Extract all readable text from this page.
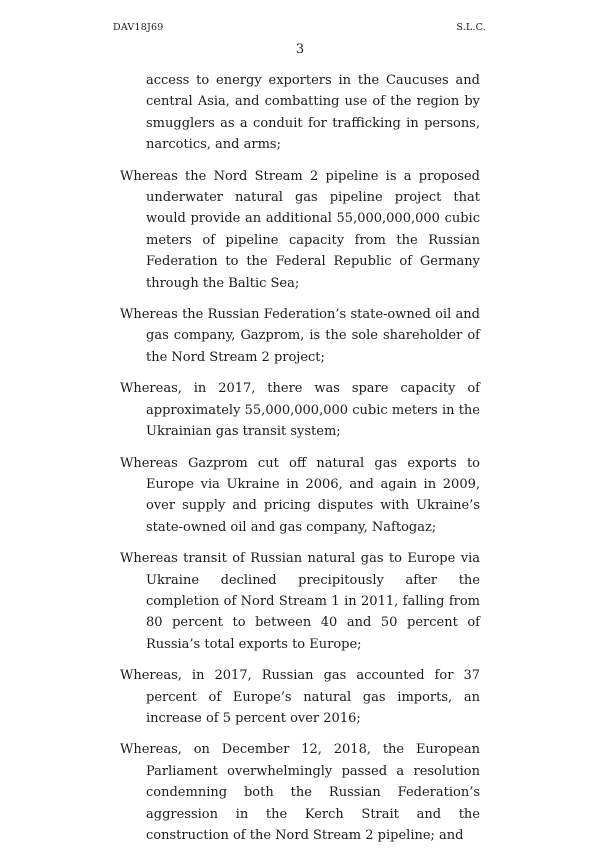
DAV18J69	S.L.C.
3
access to energy exporters in the Caucuses and central Asia, and combatting use of the region by smugglers as a conduit for trafficking in persons, narcotics, and arms;
Whereas the Nord Stream 2 pipeline is a proposed underwater natural gas pipeline project that would provide an additional 55,000,000,000 cubic meters of pipeline capacity from the Russian Federation to the Federal Republic of Germany through the Baltic Sea;
Whereas the Russian Federation’s state-owned oil and gas company, Gazprom, is the sole shareholder of the Nord Stream 2 project;
Whereas, in 2017, there was spare capacity of approximately 55,000,000,000 cubic meters in the Ukrainian gas transit system;
Whereas Gazprom cut off natural gas exports to Europe via Ukraine in 2006, and again in 2009, over supply and pricing disputes with Ukraine’s state-owned oil and gas company, Naftogaz;
Whereas transit of Russian natural gas to Europe via Ukraine declined precipitously after the completion of Nord Stream 1 in 2011, falling from 80 percent to between 40 and 50 percent of Russia’s total exports to Europe;
Whereas, in 2017, Russian gas accounted for 37 percent of Europe’s natural gas imports, an increase of 5 percent over 2016;
Whereas, on December 12, 2018, the European Parliament overwhelmingly passed a resolution condemning both the Russian Federation’s aggression in the Kerch Strait and the construction of the Nord Stream 2 pipeline; and
